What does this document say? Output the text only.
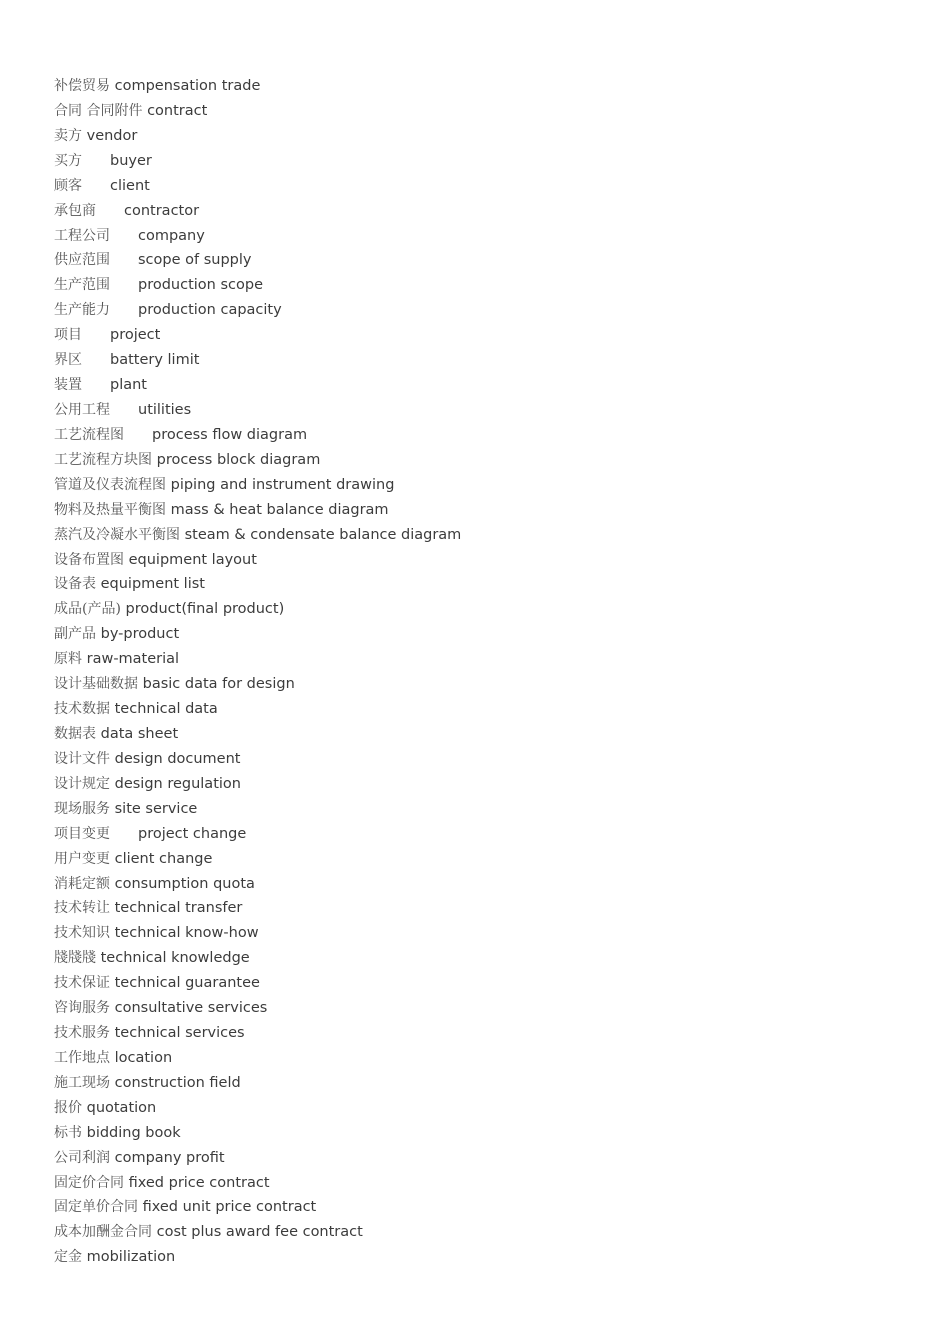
补偿贸易 compensation trade
合同 合同附件 contract
卖方 vendor
买方 buyer
顾客 client
承包商 contractor
工程公司 company
供应范围 scope of supply
生产范围 production scope
生产能力 production capacity
项目 project
界区 battery limit
装置 plant
公用工程 utilities
工艺流程图 process flow diagram
工艺流程方块图 process block diagram
管道及仪表流程图 piping and instrument drawing
物料及热量平衡图 mass & heat balance diagram
蒸汽及冷凝水平衡图 steam & condensate balance diagram
设备布置图 equipment layout
设备表 equipment list
成品(产品) product(final product)
副产品 by-product
原料 raw-material
设计基础数据 basic data for design
技术数据 technical data
数据表 data sheet
设计文件 design document
设计规定 design regulation
现场服务 site service
项目变更 project change
用户变更 client change
消耗定额 consumption quota
技术转让 technical transfer
技术知识 technical know-how
牋牋牋 technical knowledge
技术保证 technical guarantee
咨询服务 consultative services
技术服务 technical services
工作地点 location
施工现场 construction field
报价 quotation
标书 bidding book
公司利润 company profit
固定价合同 fixed price contract
固定单价合同 fixed unit price contract
成本加酬金合同 cost plus award fee contract
定金 mobilization
